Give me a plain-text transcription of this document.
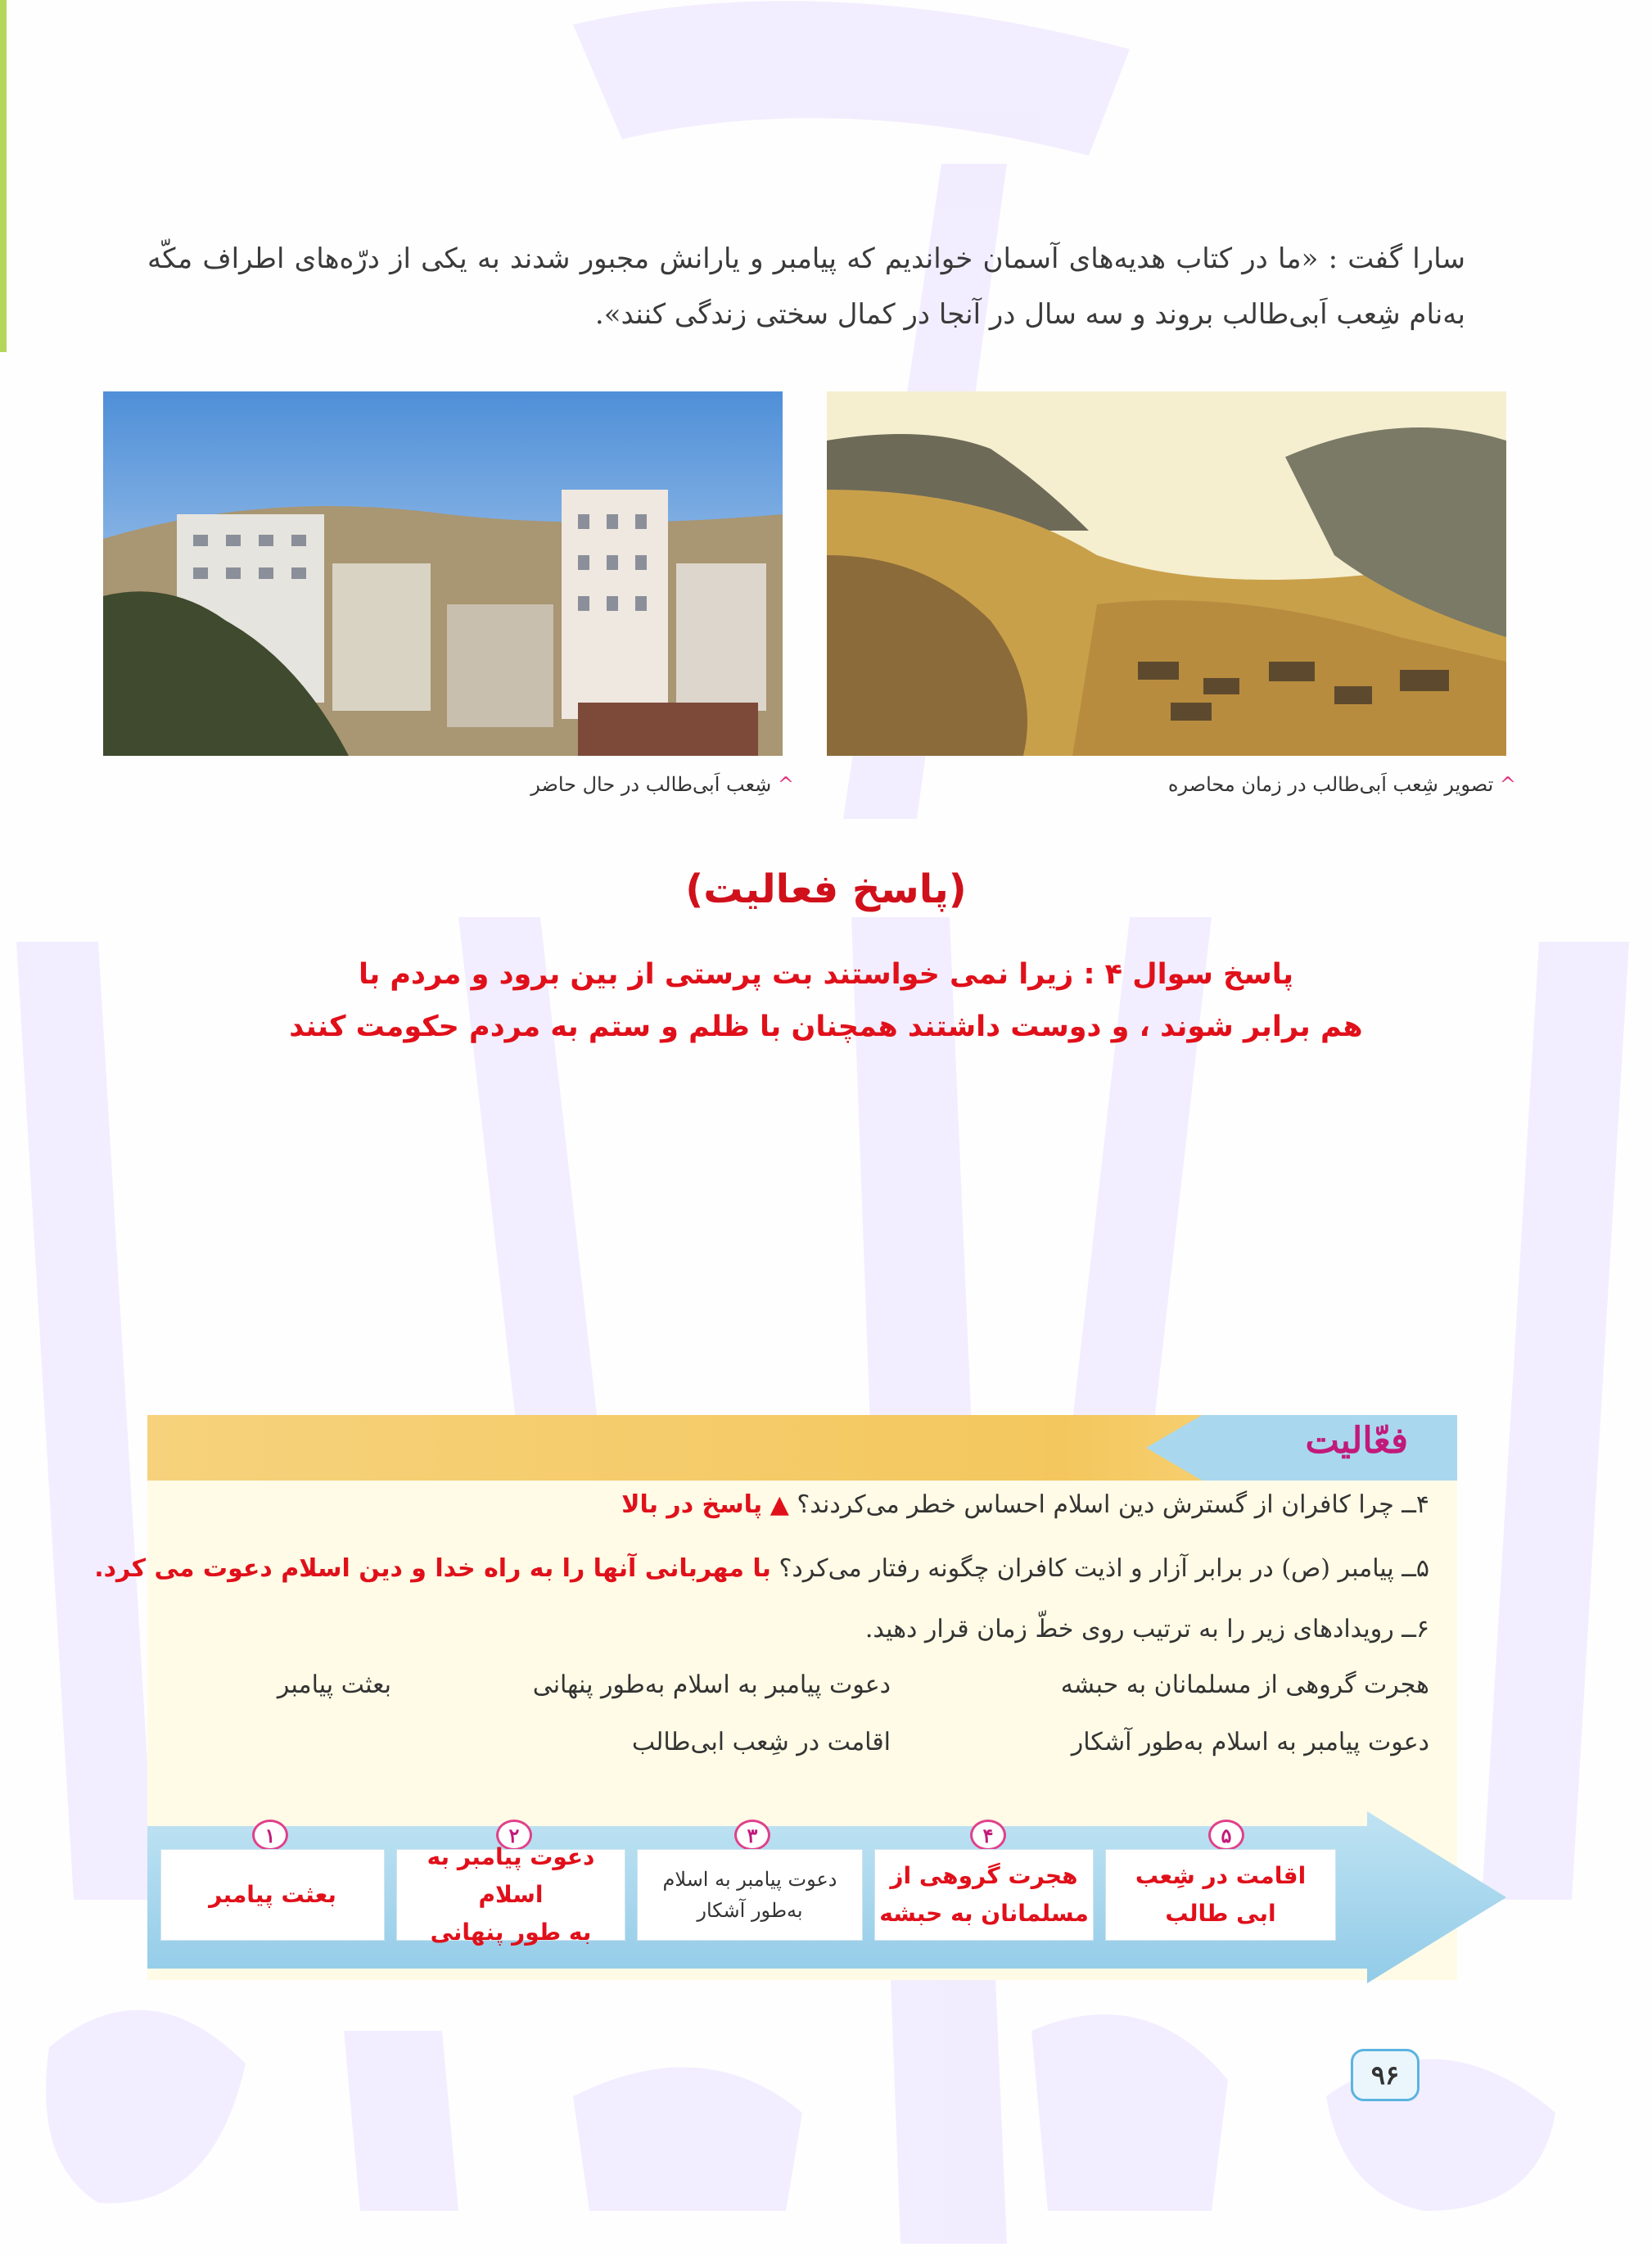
سارا گفت : «ما در کتاب هدیه‌های آسمان خواندیم که پیامبر و یارانش مجبور شدند به یکی از درّه‌های اطراف مکّه به‌نام شِعب اَبی‌طالب بروند و سه سال در آنجا در کمال سختی زندگی کنند».
^ شِعب اَبی‌طالب در حال حاضر	^ تصویر شِعب اَبی‌طالب در زمان محاصره
(پاسخ فعالیت)
پاسخ سوال ۴ : زیرا نمی خواستند بت پرستی از بین برود و مردم با
هم برابر شوند ، و دوست داشتند همچنان با ظلم و ستم به مردم حکومت کنند
فعّالیت
۴ــ چرا کافران از گسترش دین اسلام احساس خطر می‌کردند؟ ▲ پاسخ در بالا
۵ــ پیامبر (ص) در برابر آزار و اذیت کافران چگونه رفتار می‌کرد؟ با مهربانی آنها را به راه خدا و دین اسلام دعوت می کرد.
۶ــ رویدادهای زیر را به ترتیب روی خطّ زمان قرار دهید.
هجرت گروهی از مسلمانان به حبشه
دعوت پیامبر به اسلام به‌طور پنهانی
بعثت پیامبر
دعوت پیامبر به اسلام به‌طور آشکار
اقامت در شِعب ابی‌طالب
۱	۲	۳	۴	۵
بعثت پیامبر
دعوت پیامبر به اسلام
به طور پنهانی
دعوت پیامبر به اسلام
به‌طور آشکار
هجرت گروهی از
مسلمانان به حبشه
اقامت در شِعب
ابی طالب
۹۶
